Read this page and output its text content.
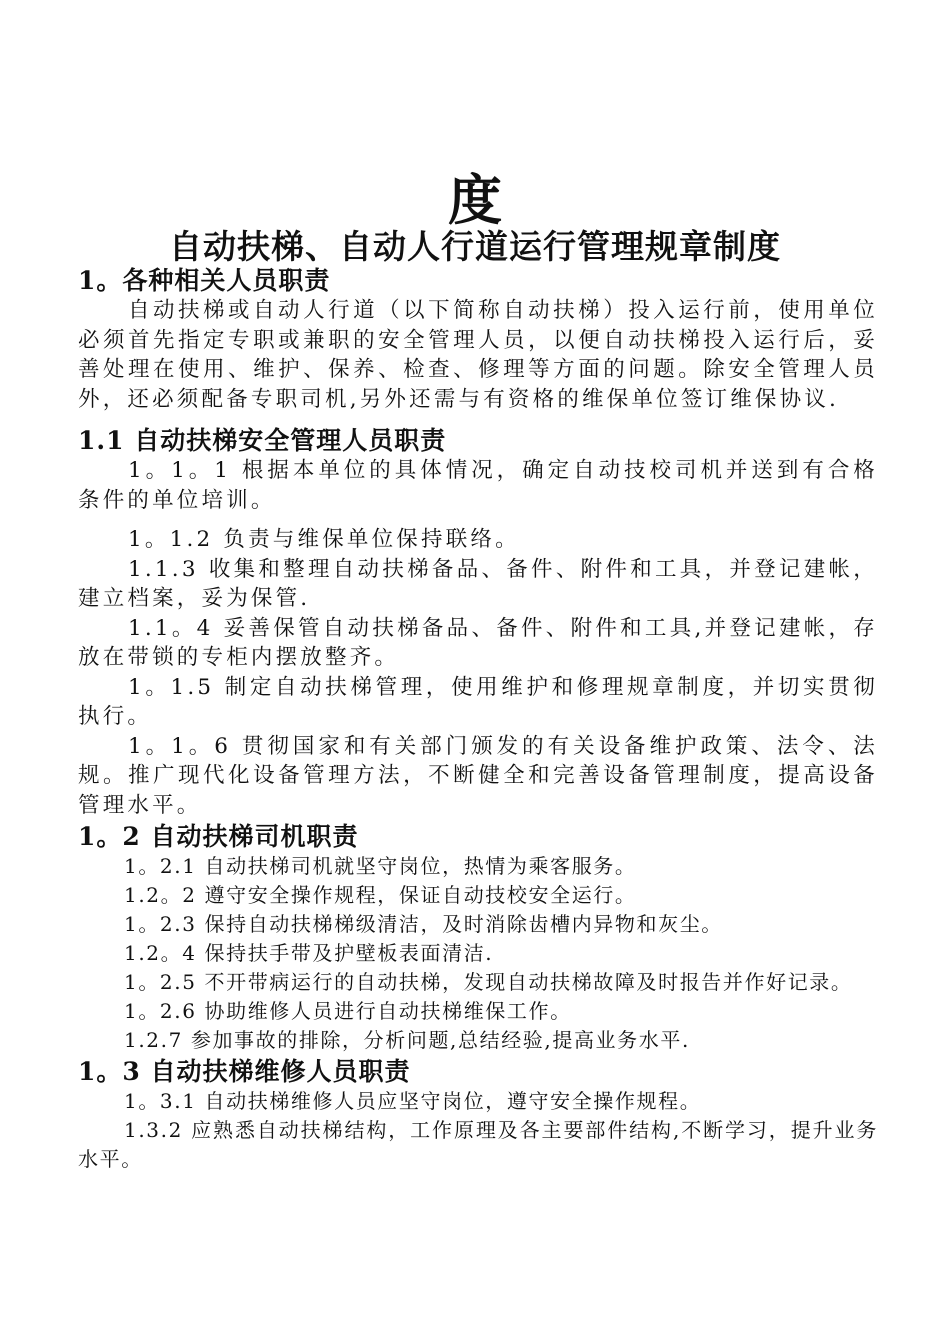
度
自动扶梯、自动人行道运行管理规章制度

1。各种相关人员职责

自动扶梯或自动人行道（以下简称自动扶梯）投入运行前，使用单位必须首先指定专职或兼职的安全管理人员，以便自动扶梯投入运行后，妥善处理在使用、维护、保养、检查、修理等方面的问题。除安全管理人员外，还必须配备专职司机,另外还需与有资格的维保单位签订维保协议.

1.1 自动扶梯安全管理人员职责

1。1。1 根据本单位的具体情况，确定自动技校司机并送到有合格条件的单位培训。

1。1.2 负责与维保单位保持联络。

1.1.3 收集和整理自动扶梯备品、备件、附件和工具，并登记建帐，建立档案，妥为保管.

1.1。4 妥善保管自动扶梯备品、备件、附件和工具,并登记建帐，存放在带锁的专柜内摆放整齐。

1。1.5 制定自动扶梯管理，使用维护和修理规章制度，并切实贯彻执行。

1。1。6 贯彻国家和有关部门颁发的有关设备维护政策、法令、法规。推广现代化设备管理方法，不断健全和完善设备管理制度，提高设备管理水平。

1。2 自动扶梯司机职责

1。2.1 自动扶梯司机就坚守岗位，热情为乘客服务。

1.2。2 遵守安全操作规程，保证自动技校安全运行。

1。2.3 保持自动扶梯梯级清洁，及时消除齿槽内异物和灰尘。

1.2。4 保持扶手带及护壁板表面清洁.

1。2.5 不开带病运行的自动扶梯，发现自动扶梯故障及时报告并作好记录。

1。2.6 协助维修人员进行自动扶梯维保工作。

1.2.7 参加事故的排除，分析问题,总结经验,提高业务水平.

1。3 自动扶梯维修人员职责

1。3.1 自动扶梯维修人员应坚守岗位，遵守安全操作规程。

1.3.2 应熟悉自动扶梯结构，工作原理及各主要部件结构,不断学习，提升业务水平。
